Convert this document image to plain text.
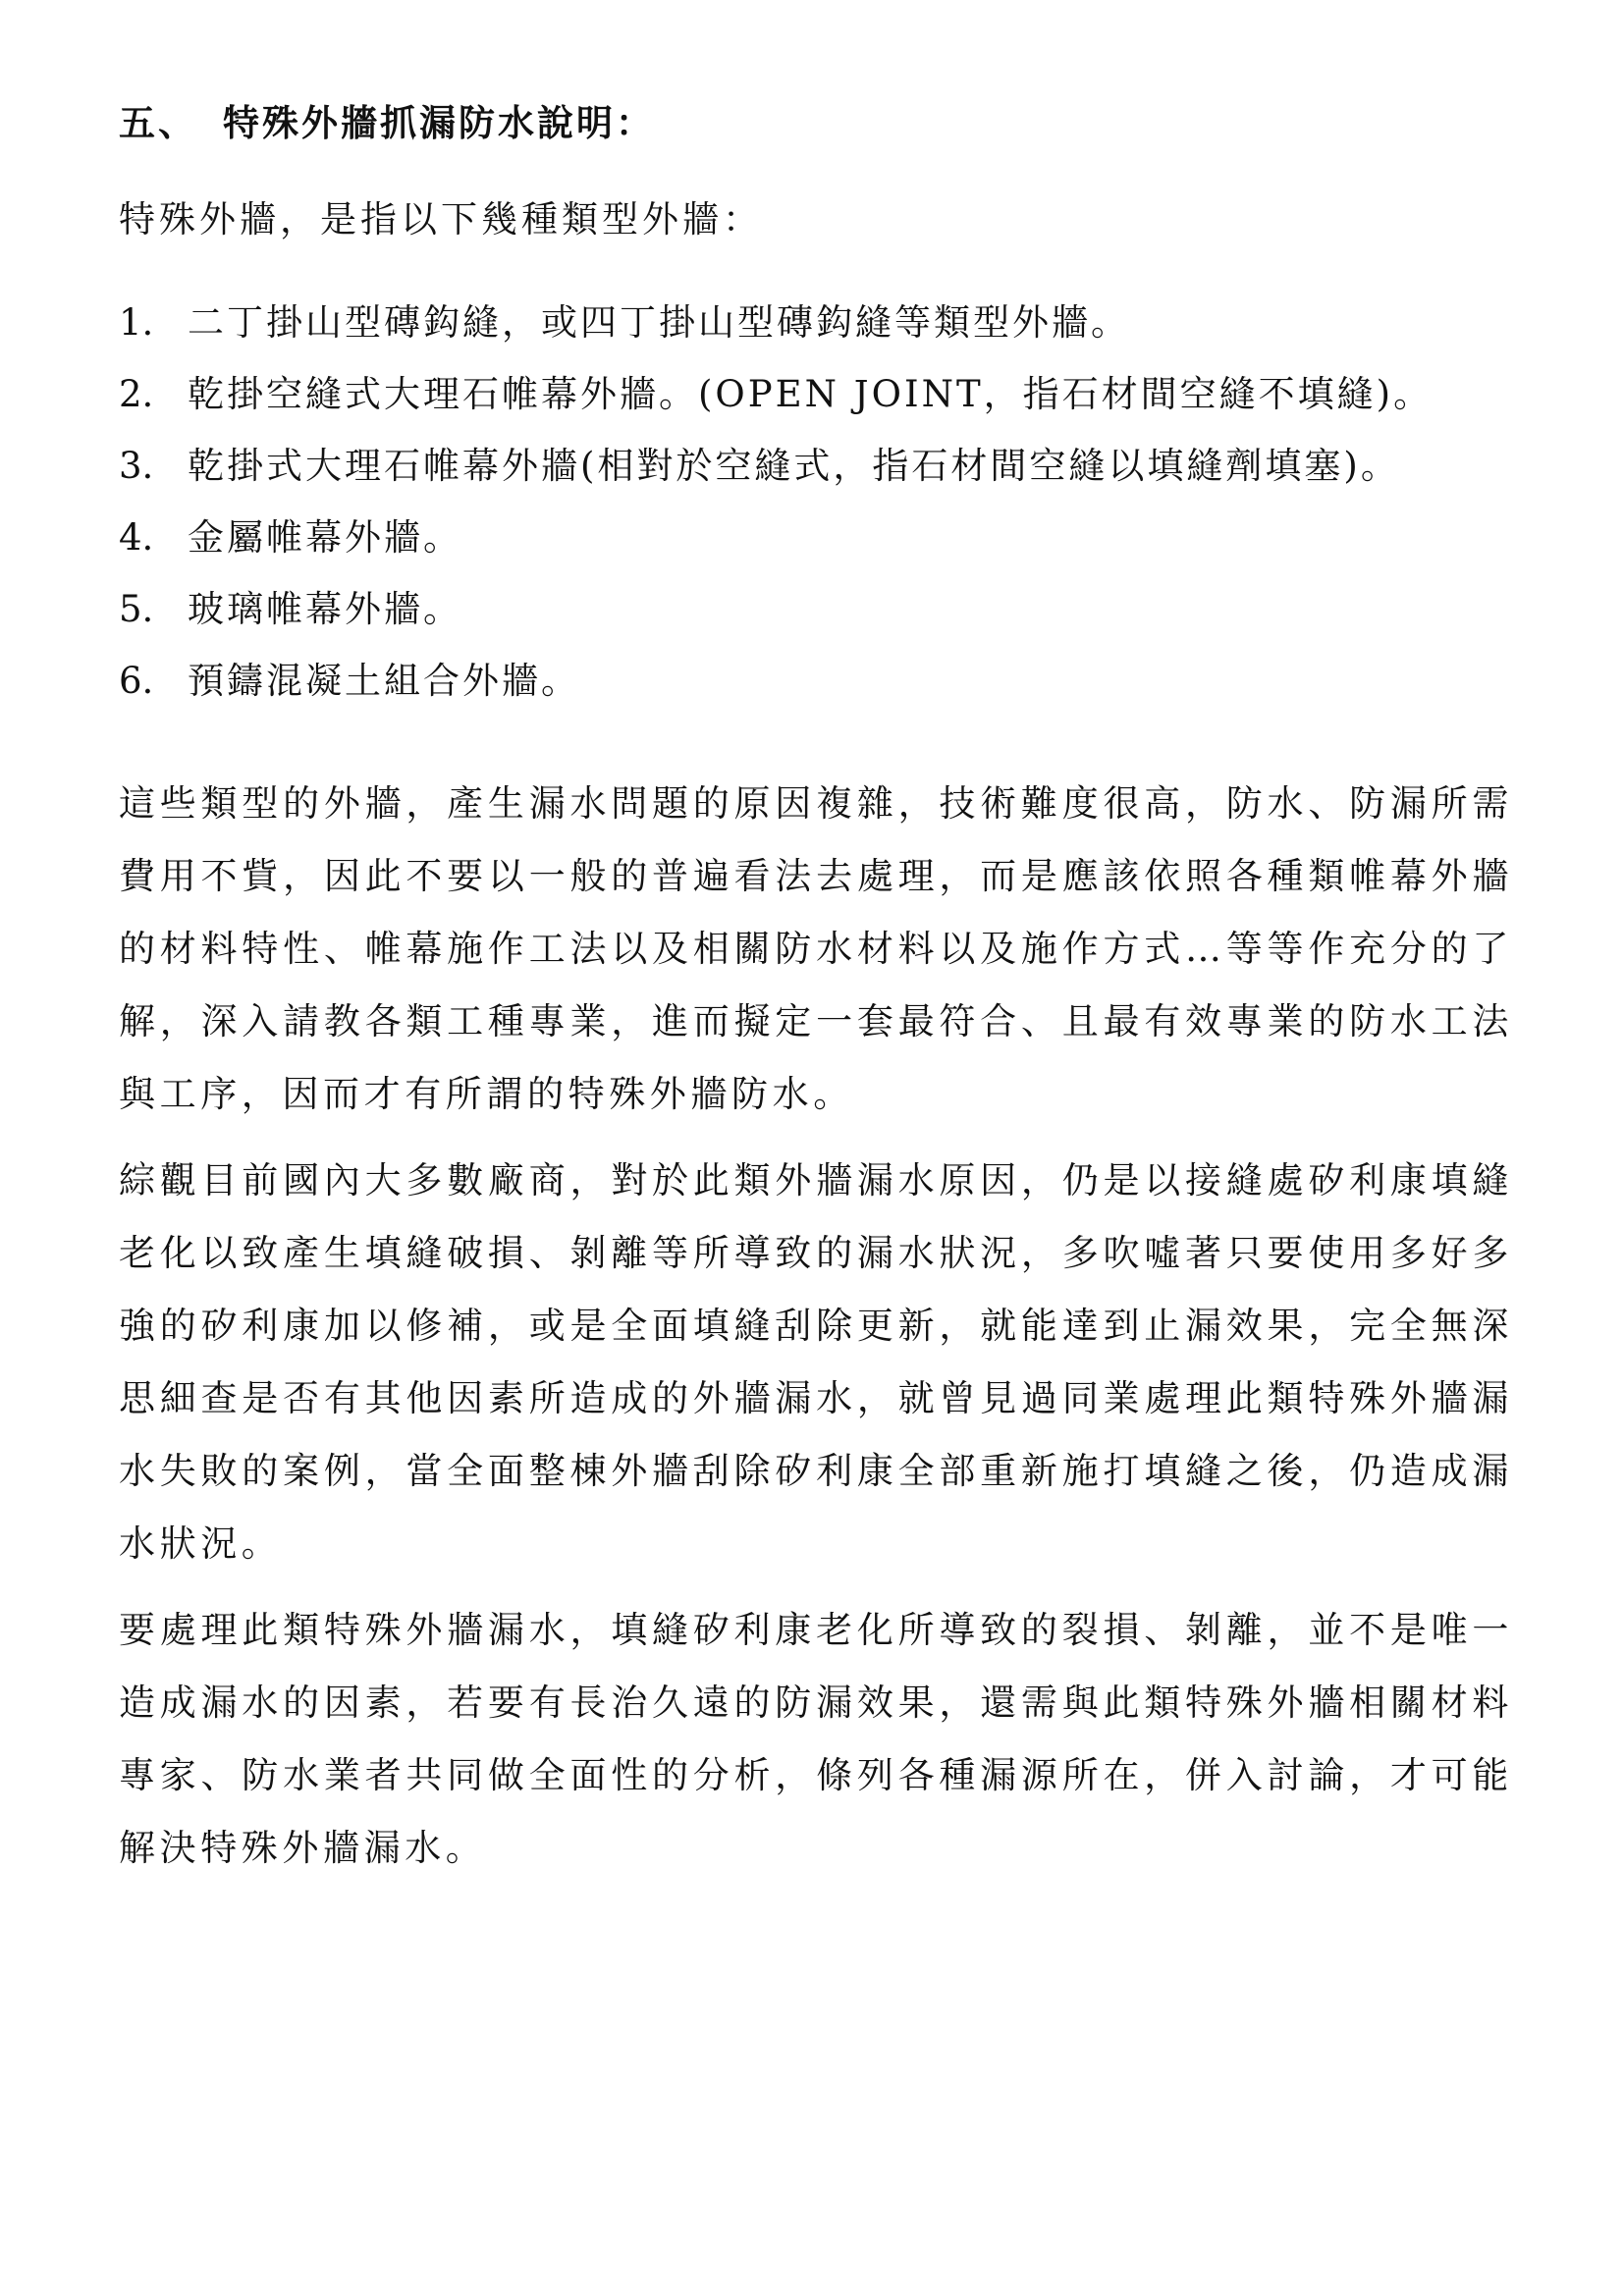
五、 特殊外牆抓漏防水說明：

特殊外牆，是指以下幾種類型外牆：

1. 二丁掛山型磚鈎縫，或四丁掛山型磚鈎縫等類型外牆。
2. 乾掛空縫式大理石帷幕外牆。(OPEN JOINT，指石材間空縫不填縫)。
3. 乾掛式大理石帷幕外牆(相對於空縫式，指石材間空縫以填縫劑填塞)。
4. 金屬帷幕外牆。
5. 玻璃帷幕外牆。
6. 預鑄混凝土組合外牆。

這些類型的外牆，產生漏水問題的原因複雜，技術難度很高，防水、防漏所需費用不貲，因此不要以一般的普遍看法去處理，而是應該依照各種類帷幕外牆的材料特性、帷幕施作工法以及相關防水材料以及施作方式…等等作充分的了解，深入請教各類工種專業，進而擬定一套最符合、且最有效專業的防水工法與工序，因而才有所謂的特殊外牆防水。

綜觀目前國內大多數廠商，對於此類外牆漏水原因，仍是以接縫處矽利康填縫老化以致產生填縫破損、剝離等所導致的漏水狀況，多吹噓著只要使用多好多強的矽利康加以修補，或是全面填縫刮除更新，就能達到止漏效果，完全無深思細查是否有其他因素所造成的外牆漏水，就曾見過同業處理此類特殊外牆漏水失敗的案例，當全面整棟外牆刮除矽利康全部重新施打填縫之後，仍造成漏水狀況。

要處理此類特殊外牆漏水，填縫矽利康老化所導致的裂損、剝離，並不是唯一造成漏水的因素，若要有長治久遠的防漏效果，還需與此類特殊外牆相關材料專家、防水業者共同做全面性的分析，條列各種漏源所在，併入討論，才可能解決特殊外牆漏水。
